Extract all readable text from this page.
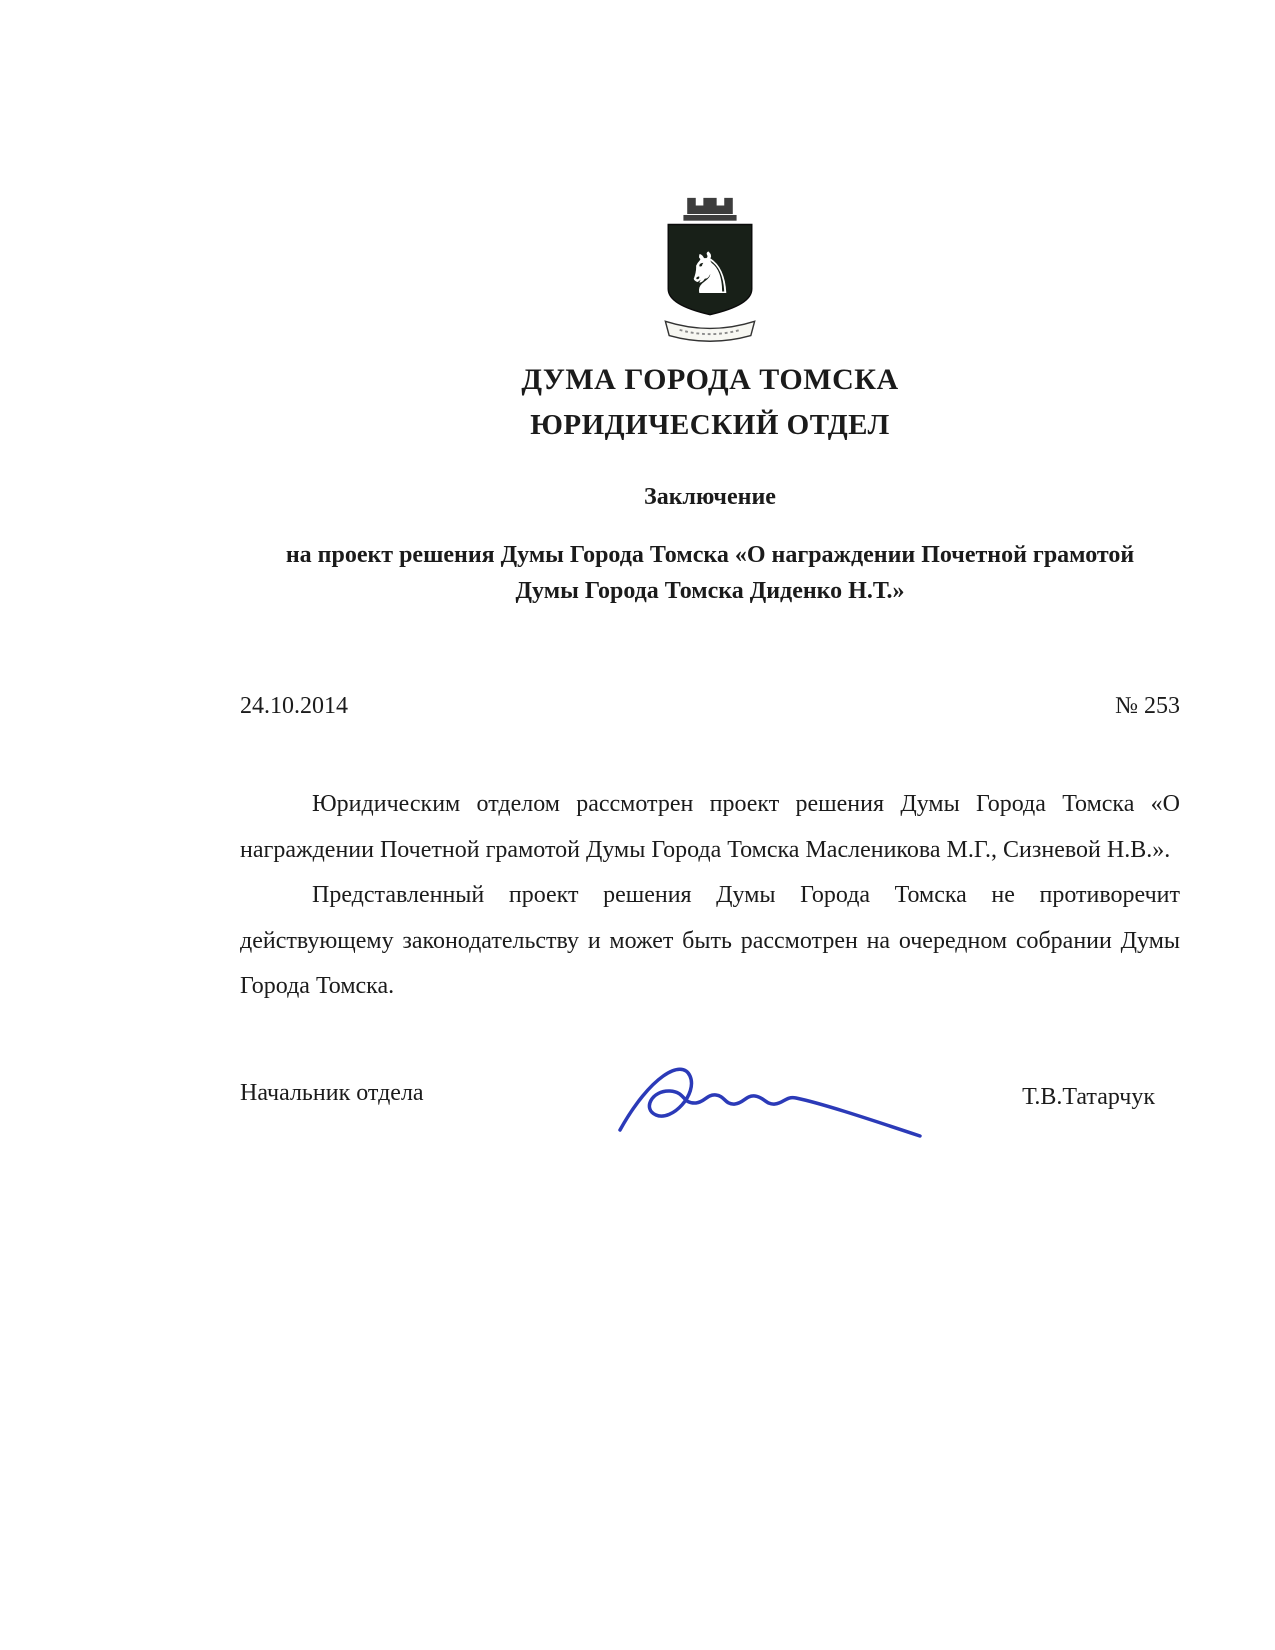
♞
ДУМА ГОРОДА ТОМСКА
ЮРИДИЧЕСКИЙ ОТДЕЛ
Заключение
на проект решения Думы Города Томска «О награждении Почетной грамотой Думы Города Томска Диденко Н.Т.»
24.10.2014	№ 253

Юридическим отделом рассмотрен проект решения Думы Города Томска «О награждении Почетной грамотой Думы Города Томска Масленикова М.Г., Сизневой Н.В.».

Представленный проект решения Думы Города Томска не противоречит действующему законодательству и может быть рассмотрен на очередном собрании Думы Города Томска.

Начальник отдела	Т.В.Татарчук
